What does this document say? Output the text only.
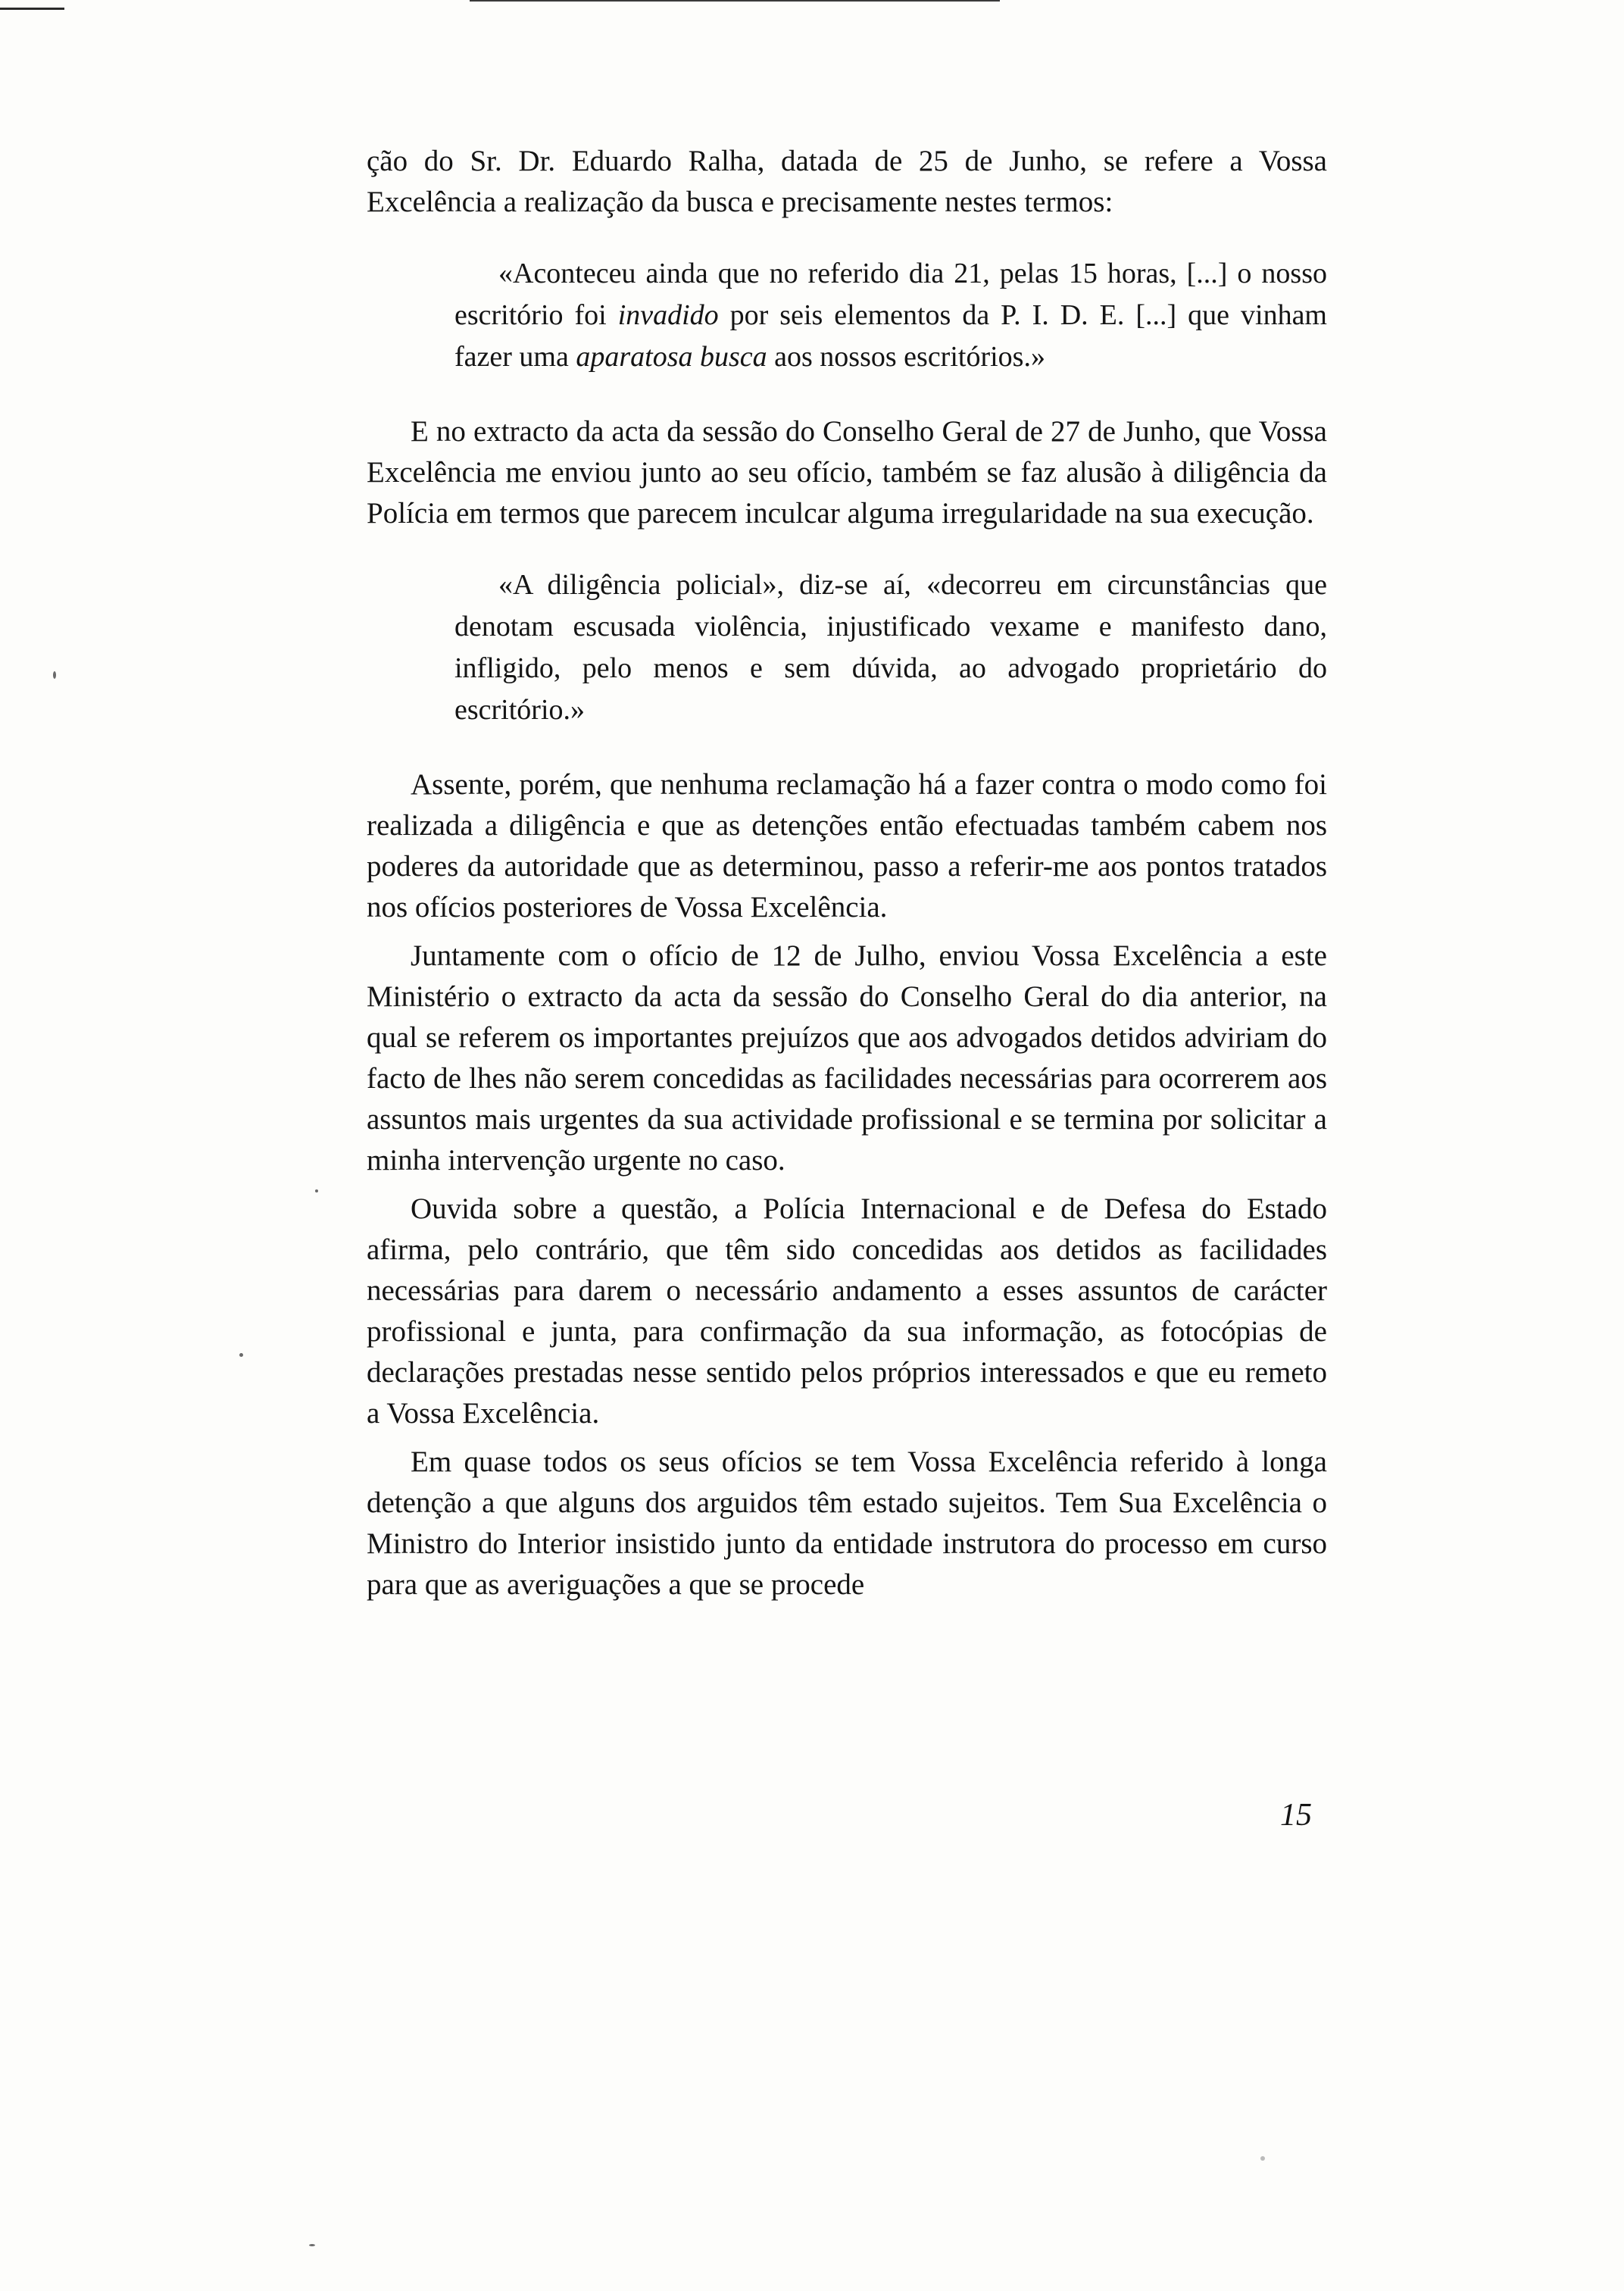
ção do Sr. Dr. Eduardo Ralha, datada de 25 de Junho, se refere a Vossa Excelência a realização da busca e precisamente nestes termos:

«Aconteceu ainda que no referido dia 21, pelas 15 horas, [...] o nosso escritório foi invadido por seis elementos da P. I. D. E. [...] que vinham fazer uma aparatosa busca aos nossos escritórios.»

E no extracto da acta da sessão do Conselho Geral de 27 de Junho, que Vossa Excelência me enviou junto ao seu ofício, também se faz alusão à diligência da Polícia em termos que parecem inculcar alguma irregularidade na sua execução.

«A diligência policial», diz-se aí, «decorreu em circunstâncias que denotam escusada violência, injustificado vexame e manifesto dano, infligido, pelo menos e sem dúvida, ao advogado proprietário do escritório.»

Assente, porém, que nenhuma reclamação há a fazer contra o modo como foi realizada a diligência e que as detenções então efectuadas também cabem nos poderes da autoridade que as determinou, passo a referir-me aos pontos tratados nos ofícios posteriores de Vossa Excelência.

Juntamente com o ofício de 12 de Julho, enviou Vossa Excelência a este Ministério o extracto da acta da sessão do Conselho Geral do dia anterior, na qual se referem os importantes prejuízos que aos advogados detidos adviriam do facto de lhes não serem concedidas as facilidades necessárias para ocorrerem aos assuntos mais urgentes da sua actividade profissional e se termina por solicitar a minha intervenção urgente no caso.

Ouvida sobre a questão, a Polícia Internacional e de Defesa do Estado afirma, pelo contrário, que têm sido concedidas aos detidos as facilidades necessárias para darem o necessário andamento a esses assuntos de carácter profissional e junta, para confirmação da sua informação, as fotocópias de declarações prestadas nesse sentido pelos próprios interessados e que eu remeto a Vossa Excelência.

Em quase todos os seus ofícios se tem Vossa Excelência referido à longa detenção a que alguns dos arguidos têm estado sujeitos. Tem Sua Excelência o Ministro do Interior insistido junto da entidade instrutora do processo em curso para que as averiguações a que se procede

15
